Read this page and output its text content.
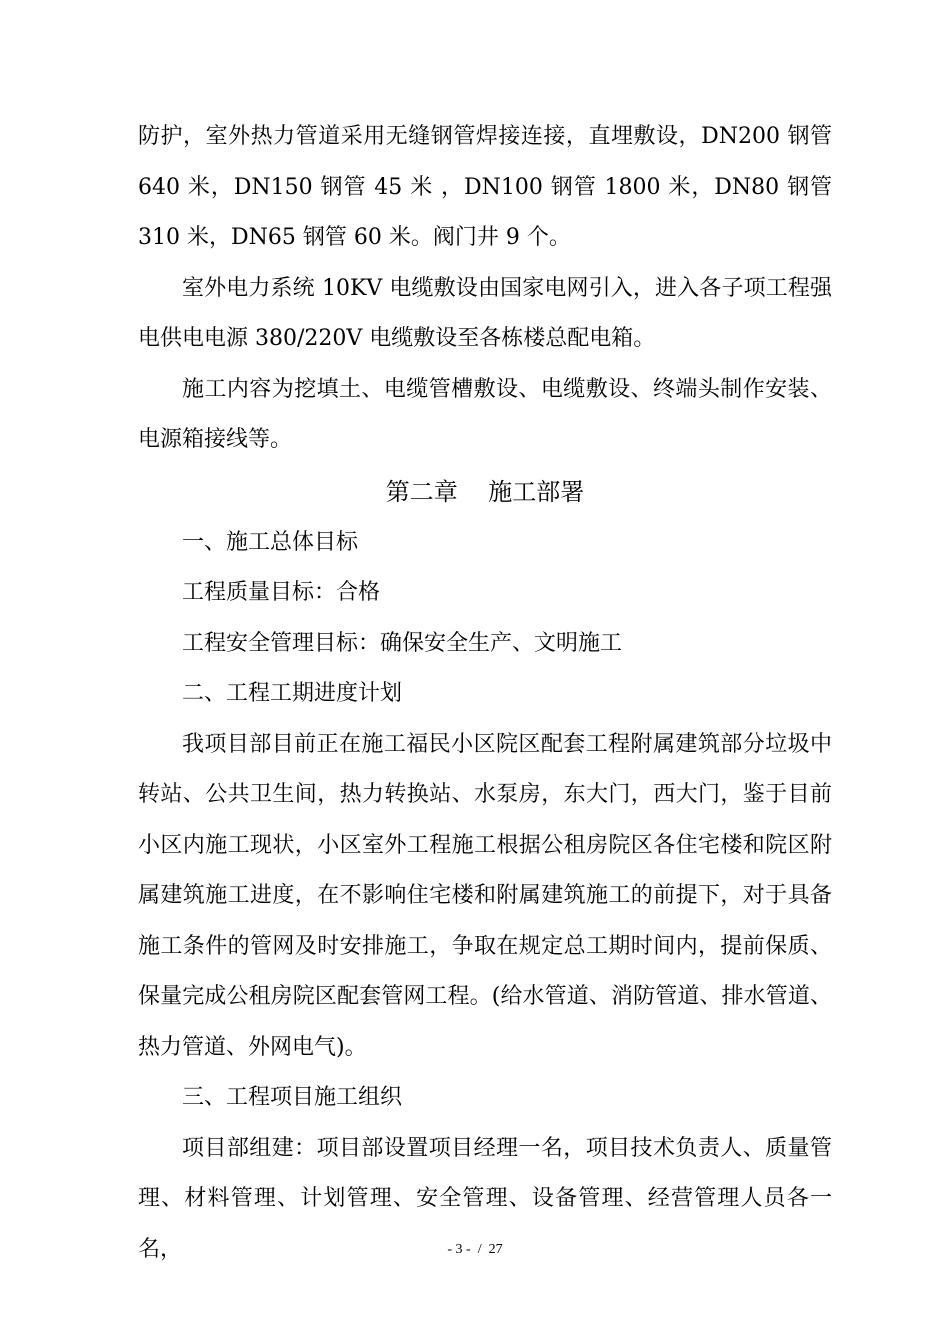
防护，室外热力管道采用无缝钢管焊接连接，直埋敷设，DN200 钢管 640 米，DN150 钢管 45 米 ，DN100 钢管 1800 米，DN80 钢管 310 米，DN65 钢管 60 米。阀门井 9 个。

室外电力系统 10KV 电缆敷设由国家电网引入，进入各子项工程强电供电电源 380/220V 电缆敷设至各栋楼总配电箱。

施工内容为挖填土、电缆管槽敷设、电缆敷设、终端头制作安装、电源箱接线等。

第二章    施工部署

一、施工总体目标

工程质量目标：合格

工程安全管理目标：确保安全生产、文明施工

二、工程工期进度计划

我项目部目前正在施工福民小区院区配套工程附属建筑部分垃圾中转站、公共卫生间，热力转换站、水泵房，东大门，西大门，鉴于目前小区内施工现状，小区室外工程施工根据公租房院区各住宅楼和院区附属建筑施工进度，在不影响住宅楼和附属建筑施工的前提下，对于具备施工条件的管网及时安排施工，争取在规定总工期时间内，提前保质、保量完成公租房院区配套管网工程。(给水管道、消防管道、排水管道、热力管道、外网电气)。

三、工程项目施工组织

项目部组建：项目部设置项目经理一名，项目技术负责人、质量管理、材料管理、计划管理、安全管理、设备管理、经营管理人员各一名，	- 3 -  /  27
